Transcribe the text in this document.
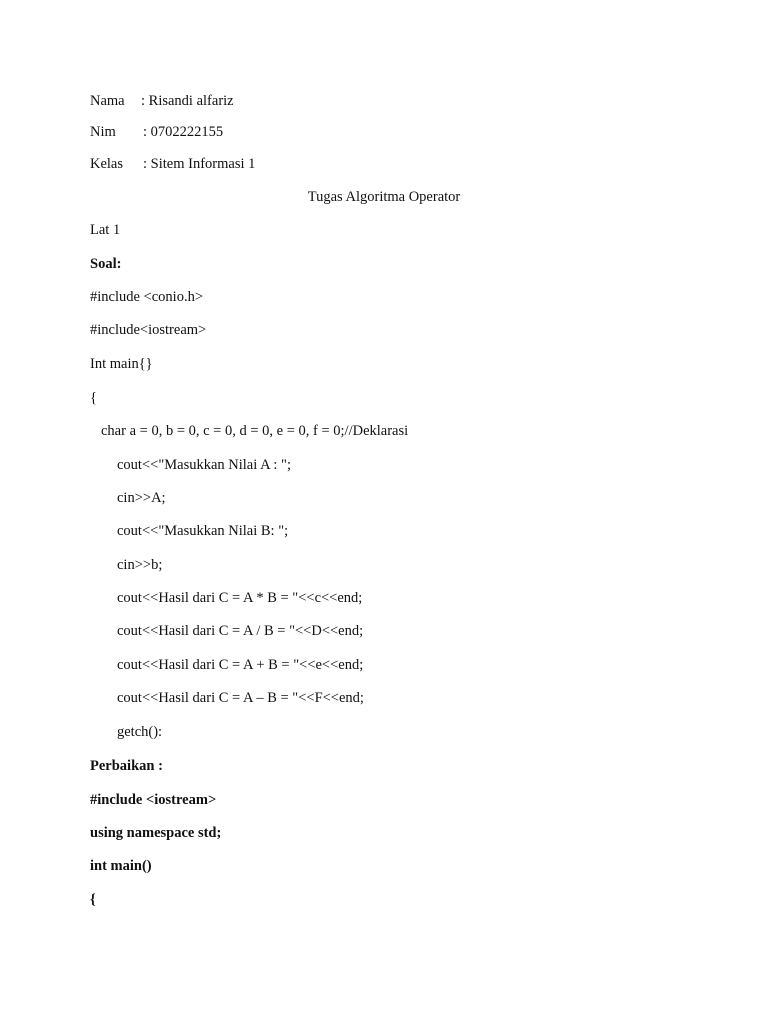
Nama : Risandi alfariz
Nim : 0702222155
Kelas : Sitem Informasi 1
Tugas Algoritma Operator
Lat 1
Soal:
#include <conio.h>
#include<iostream>
Int main{}
{
char a = 0, b = 0, c = 0, d = 0, e = 0, f = 0;//Deklarasi
cout<<"Masukkan Nilai A : ";
cin>>A;
cout<<"Masukkan Nilai B: ";
cin>>b;
cout<<Hasil dari C = A * B = "<<c<<end;
cout<<Hasil dari C = A / B = "<<D<<end;
cout<<Hasil dari C = A + B = "<<e<<end;
cout<<Hasil dari C = A – B = "<<F<<end;
getch():
Perbaikan :
#include <iostream>
using namespace std;
int main()
{
